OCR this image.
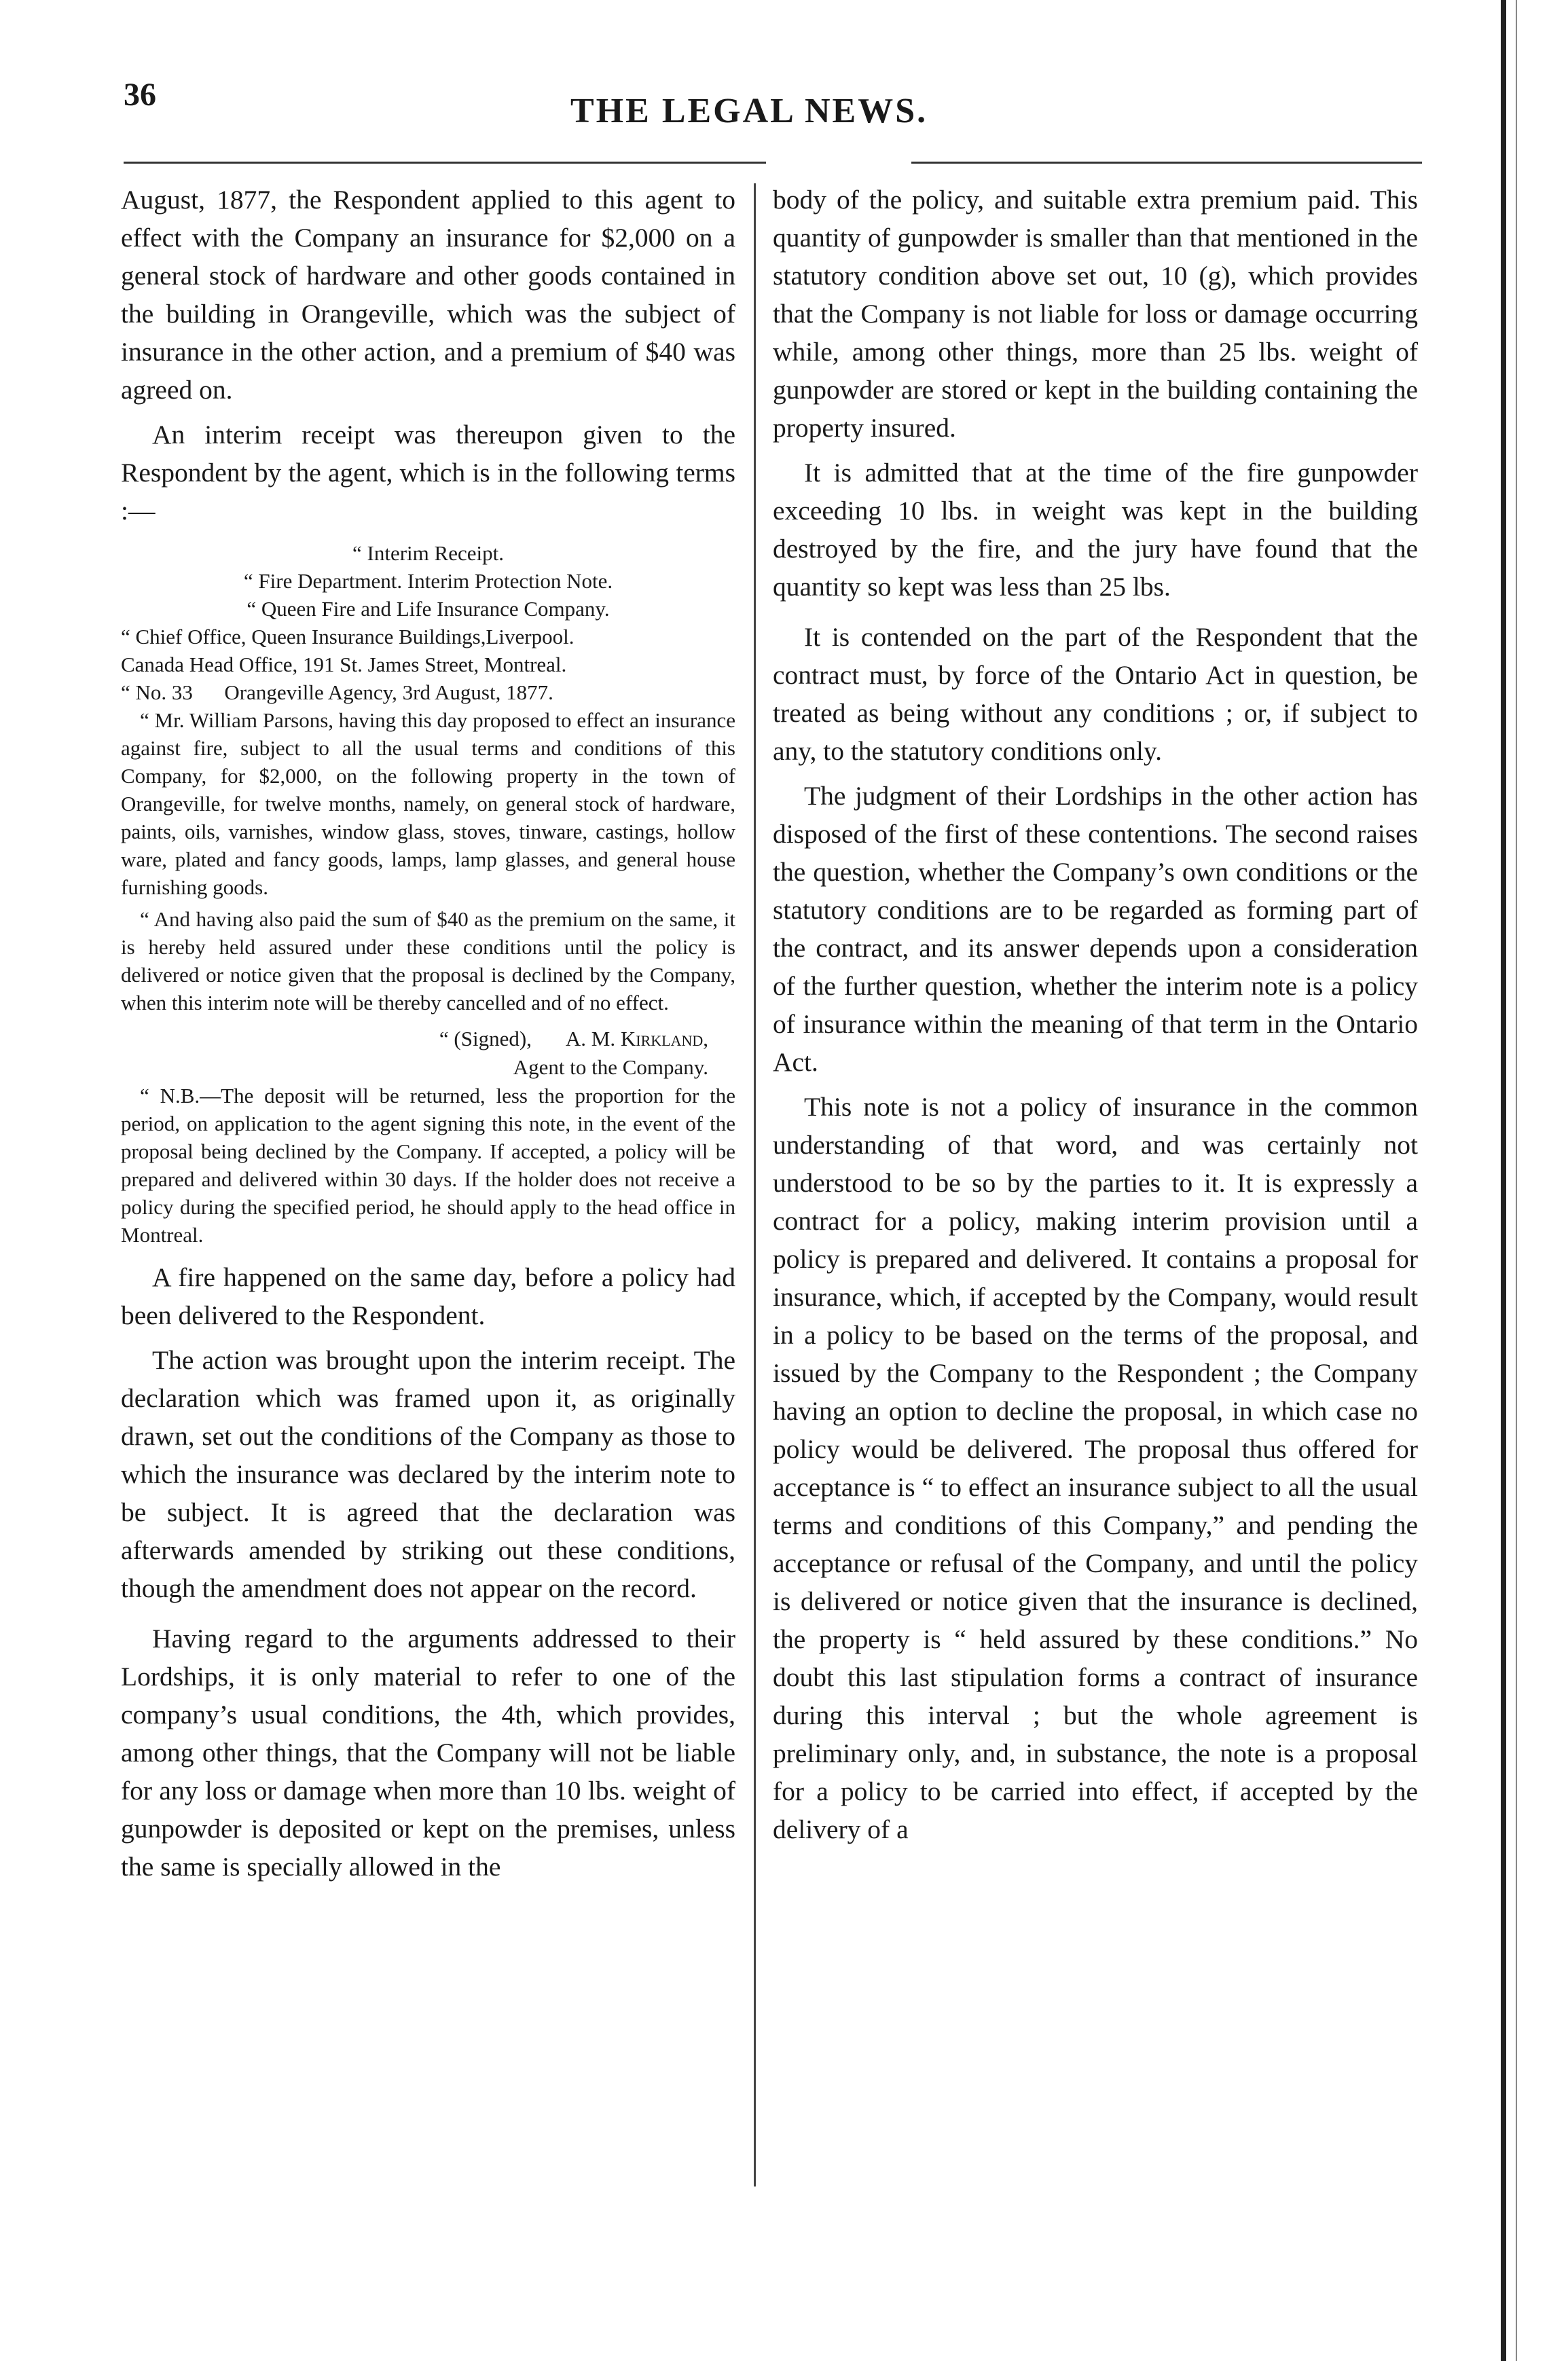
36	THE LEGAL NEWS.

August, 1877, the Respondent applied to this agent to effect with the Company an insurance for $2,000 on a general stock of hardware and other goods contained in the building in Orangeville, which was the subject of insurance in the other action, and a premium of $40 was agreed on.

An interim receipt was thereupon given to the Respondent by the agent, which is in the following terms :—

“ Interim Receipt.

“ Fire Department. Interim Protection Note.

“ Queen Fire and Life Insurance Company.

“ Chief Office, Queen Insurance Buildings,Liverpool.

Canada Head Office, 191 St. James Street, Montreal.

“ No. 33      Orangeville Agency, 3rd August, 1877.

“ Mr. William Parsons, having this day proposed to effect an insurance against fire, subject to all the usual terms and conditions of this Company, for $2,000, on the following property in the town of Orangeville, for twelve months, namely, on general stock of hardware, paints, oils, varnishes, window glass, stoves, tinware, castings, hollow ware, plated and fancy goods, lamps, lamp glasses, and general house furnishing goods.

“ And having also paid the sum of $40 as the premium on the same, it is hereby held assured under these conditions until the policy is delivered or notice given that the proposal is declined by the Company, when this interim note will be thereby cancelled and of no effect.

“ (Signed), A. M. Kirkland,
Agent to the Company.

“ N.B.—The deposit will be returned, less the proportion for the period, on application to the agent signing this note, in the event of the proposal being declined by the Company. If accepted, a policy will be prepared and delivered within 30 days. If the holder does not receive a policy during the specified period, he should apply to the head office in Montreal.

A fire happened on the same day, before a policy had been delivered to the Respondent.

The action was brought upon the interim receipt. The declaration which was framed upon it, as originally drawn, set out the conditions of the Company as those to which the insurance was declared by the interim note to be subject. It is agreed that the declaration was afterwards amended by striking out these conditions, though the amendment does not appear on the record.

Having regard to the arguments addressed to their Lordships, it is only material to refer to one of the company’s usual conditions, the 4th, which provides, among other things, that the Company will not be liable for any loss or damage when more than 10 lbs. weight of gunpowder is deposited or kept on the premises, unless the same is specially allowed in the

body of the policy, and suitable extra premium paid. This quantity of gunpowder is smaller than that mentioned in the statutory condition above set out, 10 (g), which provides that the Company is not liable for loss or damage occurring while, among other things, more than 25 lbs. weight of gunpowder are stored or kept in the building containing the property insured.

It is admitted that at the time of the fire gunpowder exceeding 10 lbs. in weight was kept in the building destroyed by the fire, and the jury have found that the quantity so kept was less than 25 lbs.

It is contended on the part of the Respondent that the contract must, by force of the Ontario Act in question, be treated as being without any conditions ; or, if subject to any, to the statutory conditions only.

The judgment of their Lordships in the other action has disposed of the first of these contentions. The second raises the question, whether the Company’s own conditions or the statutory conditions are to be regarded as forming part of the contract, and its answer depends upon a consideration of the further question, whether the interim note is a policy of insurance within the meaning of that term in the Ontario Act.

This note is not a policy of insurance in the common understanding of that word, and was certainly not understood to be so by the parties to it. It is expressly a contract for a policy, making interim provision until a policy is prepared and delivered. It contains a proposal for insurance, which, if accepted by the Company, would result in a policy to be based on the terms of the proposal, and issued by the Company to the Respondent ; the Company having an option to decline the proposal, in which case no policy would be delivered. The proposal thus offered for acceptance is “ to effect an insurance subject to all the usual terms and conditions of this Company,” and pending the acceptance or refusal of the Company, and until the policy is delivered or notice given that the insurance is declined, the property is “ held assured by these conditions.” No doubt this last stipulation forms a contract of insurance during this interval ; but the whole agreement is preliminary only, and, in substance, the note is a proposal for a policy to be carried into effect, if accepted by the delivery of a
